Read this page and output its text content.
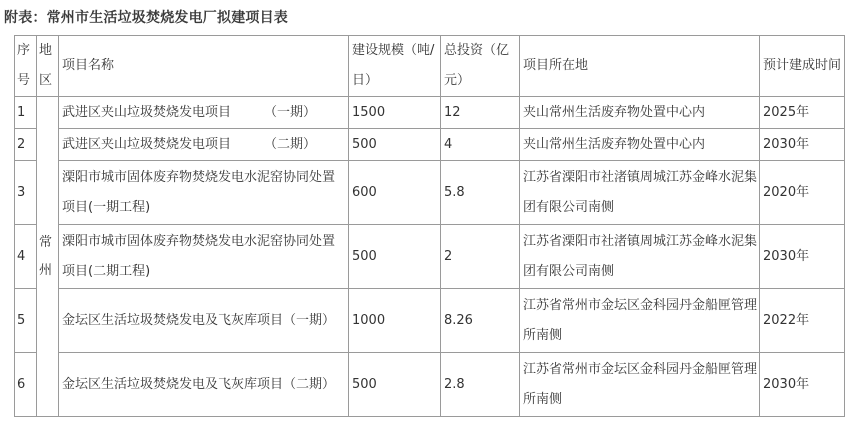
附表：常州市生活垃圾焚烧发电厂拟建项目表
序号	地区	项目名称	建设规模（吨/日）	总投资（亿元）	项目所在地	预计建成时间
1	常州	武进区夹山垃圾焚烧发电项目        （一期）	1500	12	夹山常州生活废弃物处置中心内	2025年
2		武进区夹山垃圾焚烧发电项目        （二期）	500	4	夹山常州生活废弃物处置中心内	2030年
3		溧阳市城市固体废弃物焚烧发电水泥窑协同处置项目(一期工程)	600	5.8	江苏省溧阳市社渚镇周城江苏金峰水泥集团有限公司南侧	2020年
4		溧阳市城市固体废弃物焚烧发电水泥窑协同处置项目(二期工程)	500	2	江苏省溧阳市社渚镇周城江苏金峰水泥集团有限公司南侧	2030年
5		金坛区生活垃圾焚烧发电及飞灰库项目（一期）	1000	8.26	江苏省常州市金坛区金科园丹金船匣管理所南侧	2022年
6		金坛区生活垃圾焚烧发电及飞灰库项目（二期）	500	2.8	江苏省常州市金坛区金科园丹金船匣管理所南侧	2030年
